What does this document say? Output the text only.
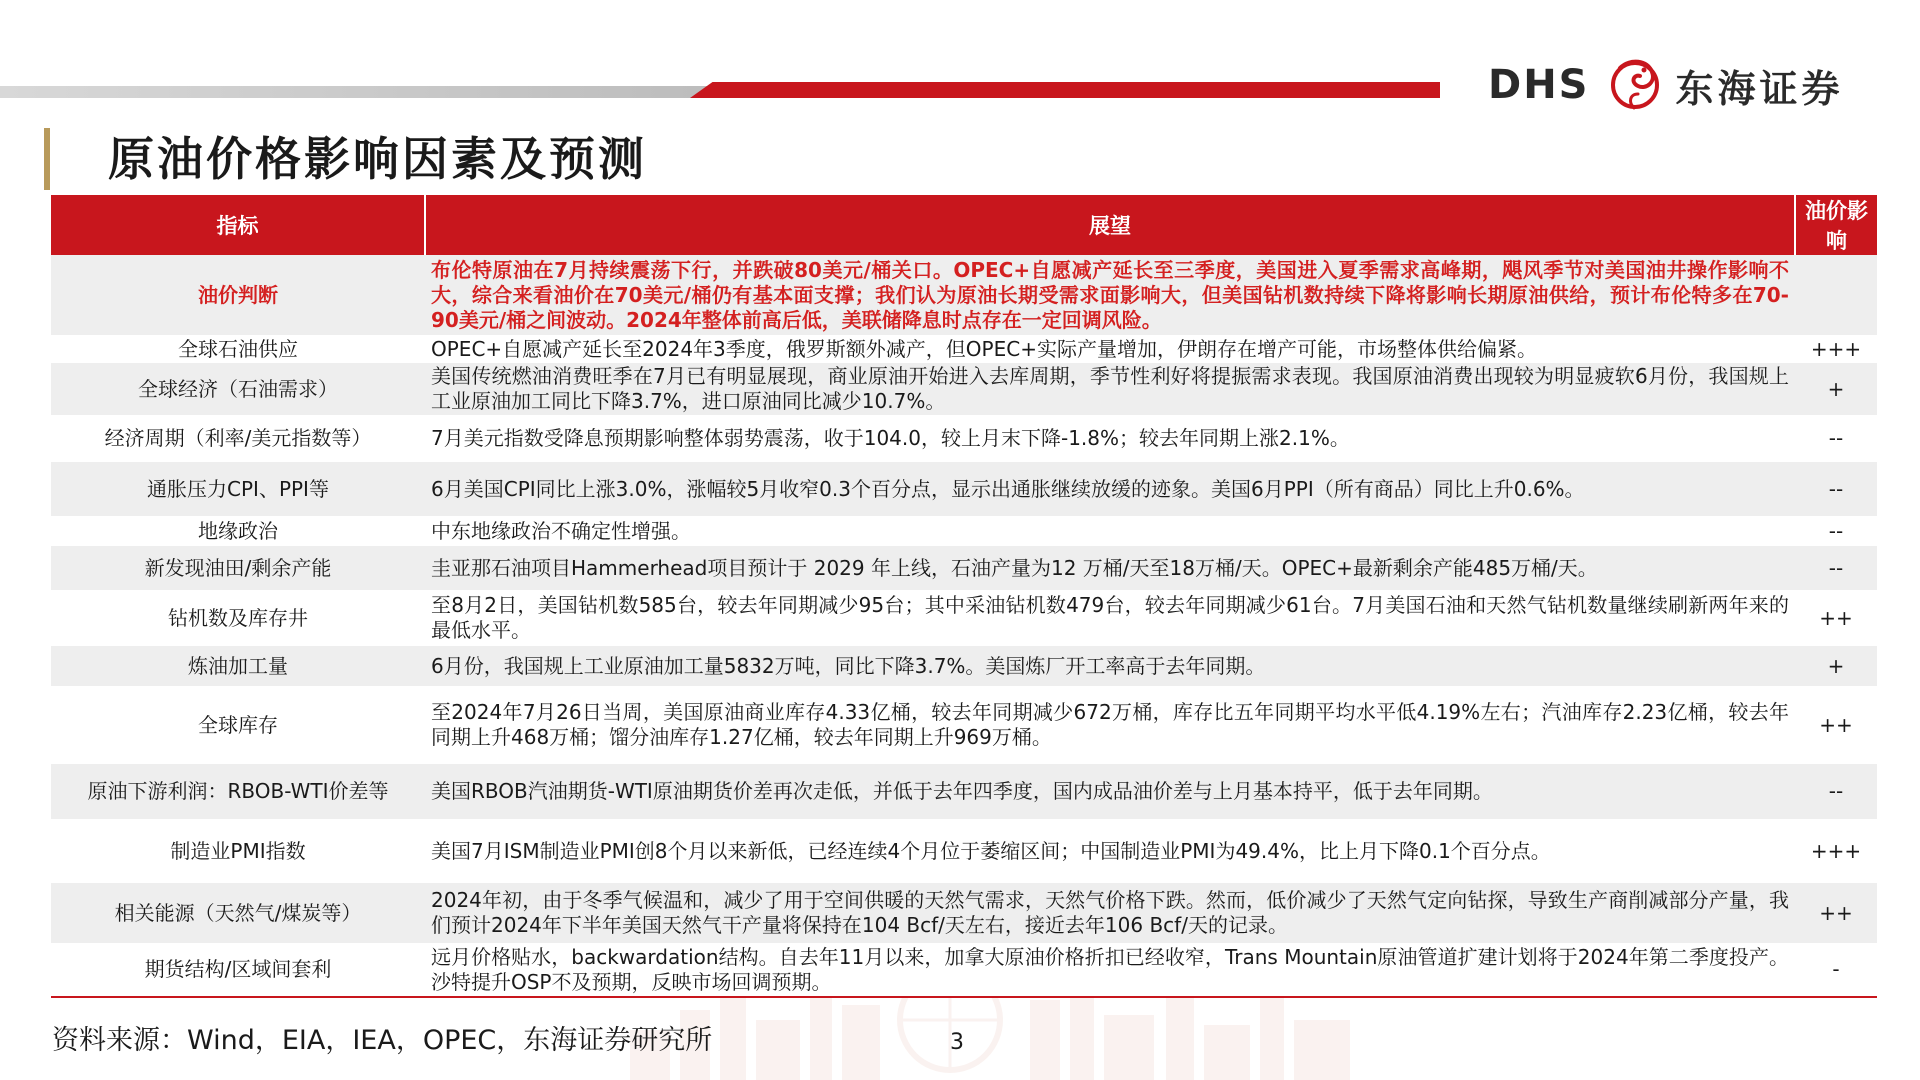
DHS 东海证券
原油价格影响因素及预测
指标	展望	油价影响
油价判断	布伦特原油在7月持续震荡下行，并跌破80美元/桶关口。OPEC+自愿减产延长至三季度，美国进入夏季需求高峰期，飓风季节对美国油井操作影响不大，综合来看油价在70美元/桶仍有基本面支撑；我们认为原油长期受需求面影响大，但美国钻机数持续下降将影响长期原油供给，预计布伦特多在70-90美元/桶之间波动。2024年整体前高后低，美联储降息时点存在一定回调风险。	
全球石油供应	OPEC+自愿减产延长至2024年3季度，俄罗斯额外减产，但OPEC+实际产量增加，伊朗存在增产可能，市场整体供给偏紧。	+++
全球经济（石油需求）	美国传统燃油消费旺季在7月已有明显展现，商业原油开始进入去库周期，季节性利好将提振需求表现。我国原油消费出现较为明显疲软6月份，我国规上工业原油加工同比下降3.7%，进口原油同比减少10.7%。	+
经济周期（利率/美元指数等）	7月美元指数受降息预期影响整体弱势震荡，收于104.0，较上月末下降-1.8%；较去年同期上涨2.1%。	--
通胀压力CPI、PPI等	6月美国CPI同比上涨3.0%，涨幅较5月收窄0.3个百分点，显示出通胀继续放缓的迹象。美国6月PPI（所有商品）同比上升0.6%。	--
地缘政治	中东地缘政治不确定性增强。	--
新发现油田/剩余产能	圭亚那石油项目Hammerhead项目预计于 2029 年上线，石油产量为12 万桶/天至18万桶/天。OPEC+最新剩余产能485万桶/天。	--
钻机数及库存井	至8月2日，美国钻机数585台，较去年同期减少95台；其中采油钻机数479台，较去年同期减少61台。7月美国石油和天然气钻机数量继续刷新两年来的最低水平。	++
炼油加工量	6月份，我国规上工业原油加工量5832万吨，同比下降3.7%。美国炼厂开工率高于去年同期。	+
全球库存	至2024年7月26日当周，美国原油商业库存4.33亿桶，较去年同期减少672万桶，库存比五年同期平均水平低4.19%左右；汽油库存2.23亿桶，较去年同期上升468万桶；馏分油库存1.27亿桶，较去年同期上升969万桶。	++
原油下游利润：RBOB-WTI价差等	美国RBOB汽油期货-WTI原油期货价差再次走低，并低于去年四季度，国内成品油价差与上月基本持平，低于去年同期。	--
制造业PMI指数	美国7月ISM制造业PMI创8个月以来新低，已经连续4个月位于萎缩区间；中国制造业PMI为49.4%，比上月下降0.1个百分点。	+++
相关能源（天然气/煤炭等）	2024年初，由于冬季气候温和，减少了用于空间供暖的天然气需求，天然气价格下跌。然而，低价减少了天然气定向钻探，导致生产商削减部分产量，我们预计2024年下半年美国天然气干产量将保持在104 Bcf/天左右，接近去年106 Bcf/天的记录。	++
期货结构/区域间套利	远月价格贴水，backwardation结构。自去年11月以来，加拿大原油价格折扣已经收窄，Trans Mountain原油管道扩建计划将于2024年第二季度投产。沙特提升OSP不及预期，反映市场回调预期。	-
资料来源：Wind，EIA，IEA，OPEC，东海证券研究所	3
